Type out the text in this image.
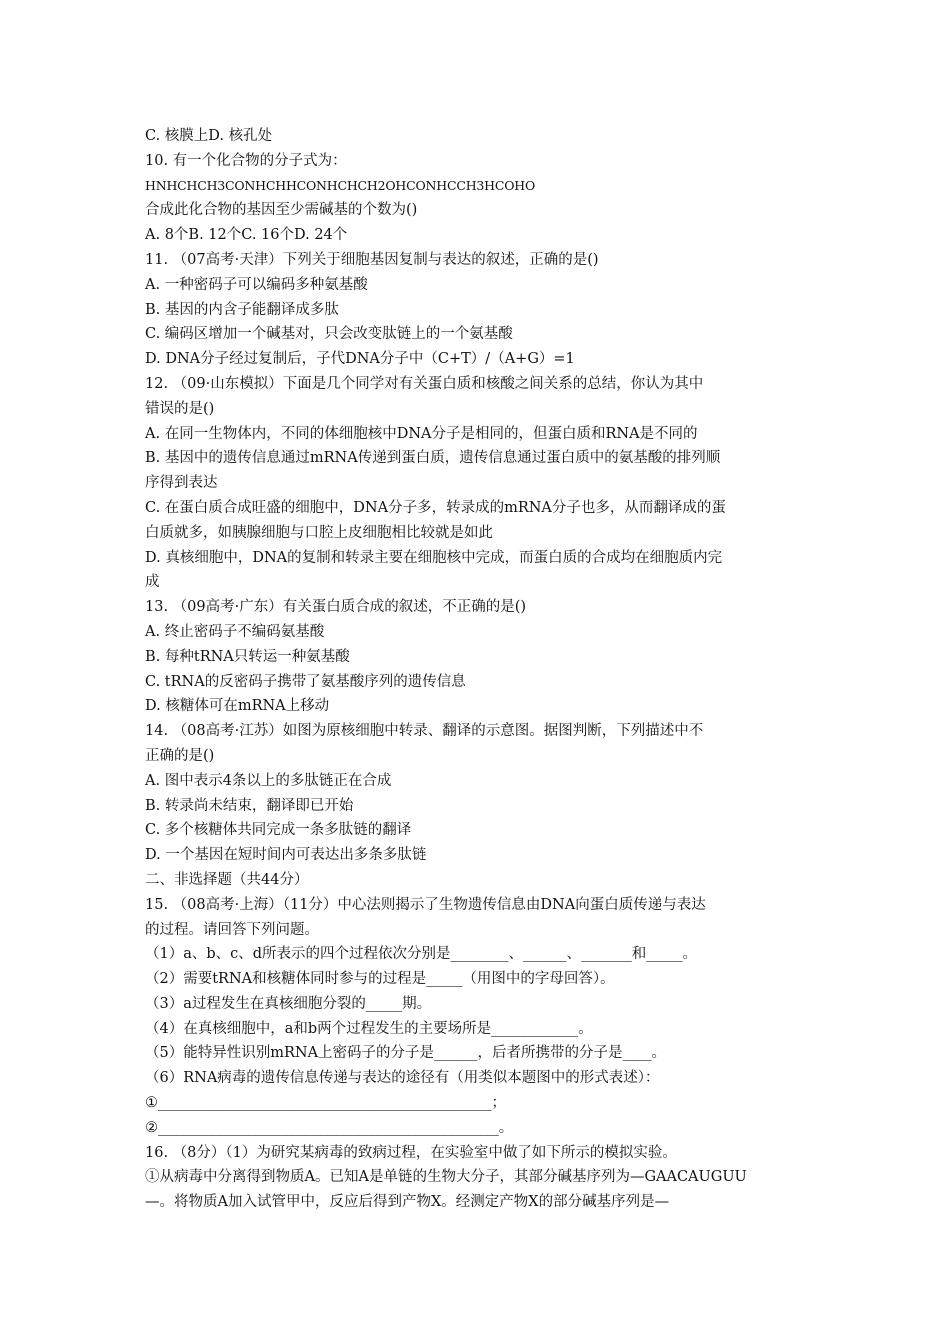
C. 核膜上D. 核孔处
10. 有一个化合物的分子式为：
HNHCHCH3CONHCHHCONHCHCH2OHCONHCCH3HCOHO
合成此化合物的基因至少需碱基的个数为()
A. 8个B. 12个C. 16个D. 24个
11. （07高考·天津）下列关于细胞基因复制与表达的叙述，正确的是()
A. 一种密码子可以编码多种氨基酸
B. 基因的内含子能翻译成多肽
C. 编码区增加一个碱基对，只会改变肽链上的一个氨基酸
D. DNA分子经过复制后，子代DNA分子中（C+T）/（A+G）=1
12. （09·山东模拟）下面是几个同学对有关蛋白质和核酸之间关系的总结，你认为其中
错误的是()
A. 在同一生物体内，不同的体细胞核中DNA分子是相同的，但蛋白质和RNA是不同的
B. 基因中的遗传信息通过mRNA传递到蛋白质，遗传信息通过蛋白质中的氨基酸的排列顺
序得到表达
C. 在蛋白质合成旺盛的细胞中，DNA分子多，转录成的mRNA分子也多，从而翻译成的蛋
白质就多，如胰腺细胞与口腔上皮细胞相比较就是如此
D. 真核细胞中，DNA的复制和转录主要在细胞核中完成，而蛋白质的合成均在细胞质内完
成
13. （09高考·广东）有关蛋白质合成的叙述，不正确的是()
A. 终止密码子不编码氨基酸
B. 每种tRNA只转运一种氨基酸
C. tRNA的反密码子携带了氨基酸序列的遗传信息
D. 核糖体可在mRNA上移动
14. （08高考·江苏）如图为原核细胞中转录、翻译的示意图。据图判断，下列描述中不
正确的是()
A. 图中表示4条以上的多肽链正在合成
B. 转录尚未结束，翻译即已开始
C. 多个核糖体共同完成一条多肽链的翻译
D. 一个基因在短时间内可表达出多条多肽链
二、非选择题（共44分）
15. （08高考·上海）（11分）中心法则揭示了生物遗传信息由DNA向蛋白质传递与表达
的过程。请回答下列问题。
（1）a、b、c、d所表示的四个过程依次分别是________、______、_______和_____。
（2）需要tRNA和核糖体同时参与的过程是_____（用图中的字母回答）。
（3）a过程发生在真核细胞分裂的_____期。
（4）在真核细胞中，a和b两个过程发生的主要场所是____________。
（5）能特异性识别mRNA上密码子的分子是______，后者所携带的分子是____。
（6）RNA病毒的遗传信息传递与表达的途径有（用类似本题图中的形式表述）：
①______________________________________________；
②_______________________________________________。
16. （8分）（1）为研究某病毒的致病过程，在实验室中做了如下所示的模拟实验。
①从病毒中分离得到物质A。已知A是单链的生物大分子，其部分碱基序列为—GAACAUGUU
—。将物质A加入试管甲中，反应后得到产物X。经测定产物X的部分碱基序列是—
